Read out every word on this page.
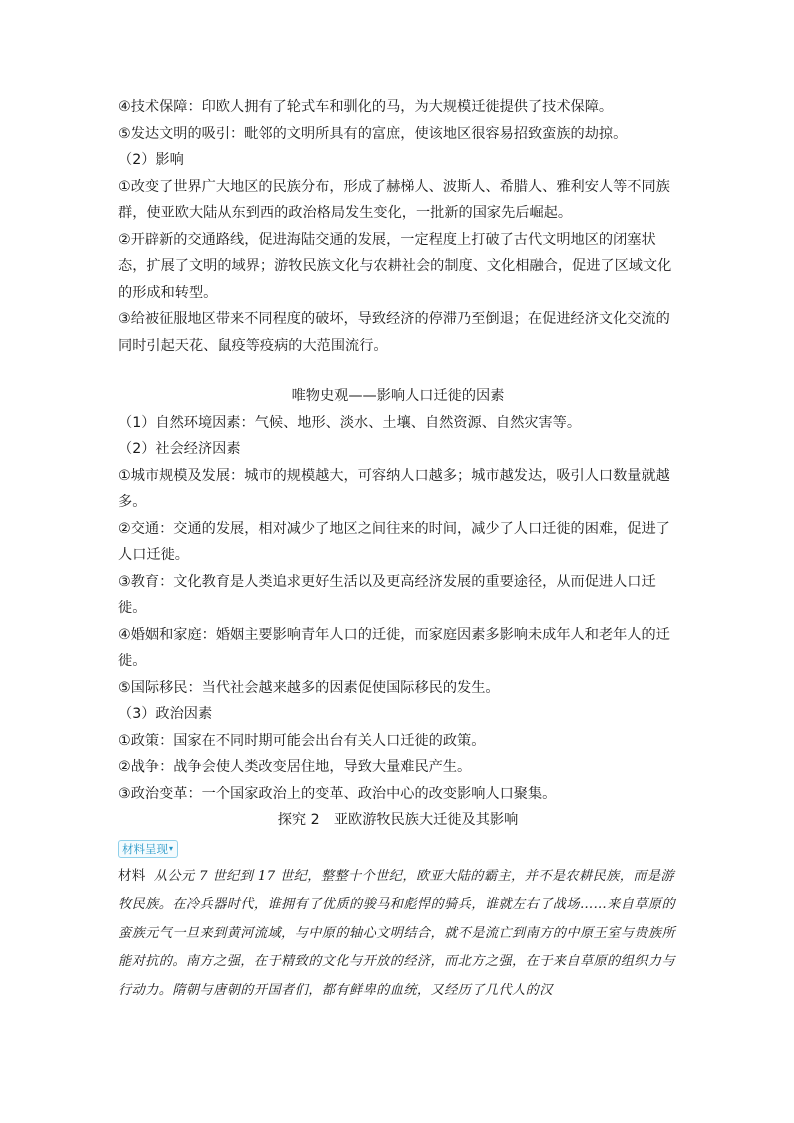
④技术保障：印欧人拥有了轮式车和驯化的马，为大规模迁徙提供了技术保障。

⑤发达文明的吸引：毗邻的文明所具有的富庶，使该地区很容易招致蛮族的劫掠。

（2）影响

①改变了世界广大地区的民族分布，形成了赫梯人、波斯人、希腊人、雅利安人等不同族群，使亚欧大陆从东到西的政治格局发生变化，一批新的国家先后崛起。

②开辟新的交通路线，促进海陆交通的发展，一定程度上打破了古代文明地区的闭塞状态，扩展了文明的域界；游牧民族文化与农耕社会的制度、文化相融合，促进了区域文化的形成和转型。

③给被征服地区带来不同程度的破坏，导致经济的停滞乃至倒退；在促进经济文化交流的同时引起天花、鼠疫等疫病的大范围流行。

唯物史观——影响人口迁徙的因素

（1）自然环境因素：气候、地形、淡水、土壤、自然资源、自然灾害等。

（2）社会经济因素

①城市规模及发展：城市的规模越大，可容纳人口越多；城市越发达，吸引人口数量就越多。

②交通：交通的发展，相对减少了地区之间往来的时间，减少了人口迁徙的困难，促进了人口迁徙。

③教育：文化教育是人类追求更好生活以及更高经济发展的重要途径，从而促进人口迁徙。

④婚姻和家庭：婚姻主要影响青年人口的迁徙，而家庭因素多影响未成年人和老年人的迁徙。

⑤国际移民：当代社会越来越多的因素促使国际移民的发生。

（3）政治因素

①政策：国家在不同时期可能会出台有关人口迁徙的政策。

②战争：战争会使人类改变居住地，导致大量难民产生。

③政治变革：一个国家政治上的变革、政治中心的改变影响人口聚集。

探究 2　亚欧游牧民族大迁徙及其影响

材料呈现 ▾

材料 从公元 7 世纪到 17 世纪，整整十个世纪，欧亚大陆的霸主，并不是农耕民族，而是游牧民族。在冷兵器时代，谁拥有了优质的骏马和彪悍的骑兵，谁就左右了战场……来自草原的蛮族元气一旦来到黄河流域，与中原的轴心文明结合，就不是流亡到南方的中原王室与贵族所能对抗的。南方之强，在于精致的文化与开放的经济，而北方之强，在于来自草原的组织力与行动力。隋朝与唐朝的开国者们，都有鲜卑的血统，又经历了几代人的汉
